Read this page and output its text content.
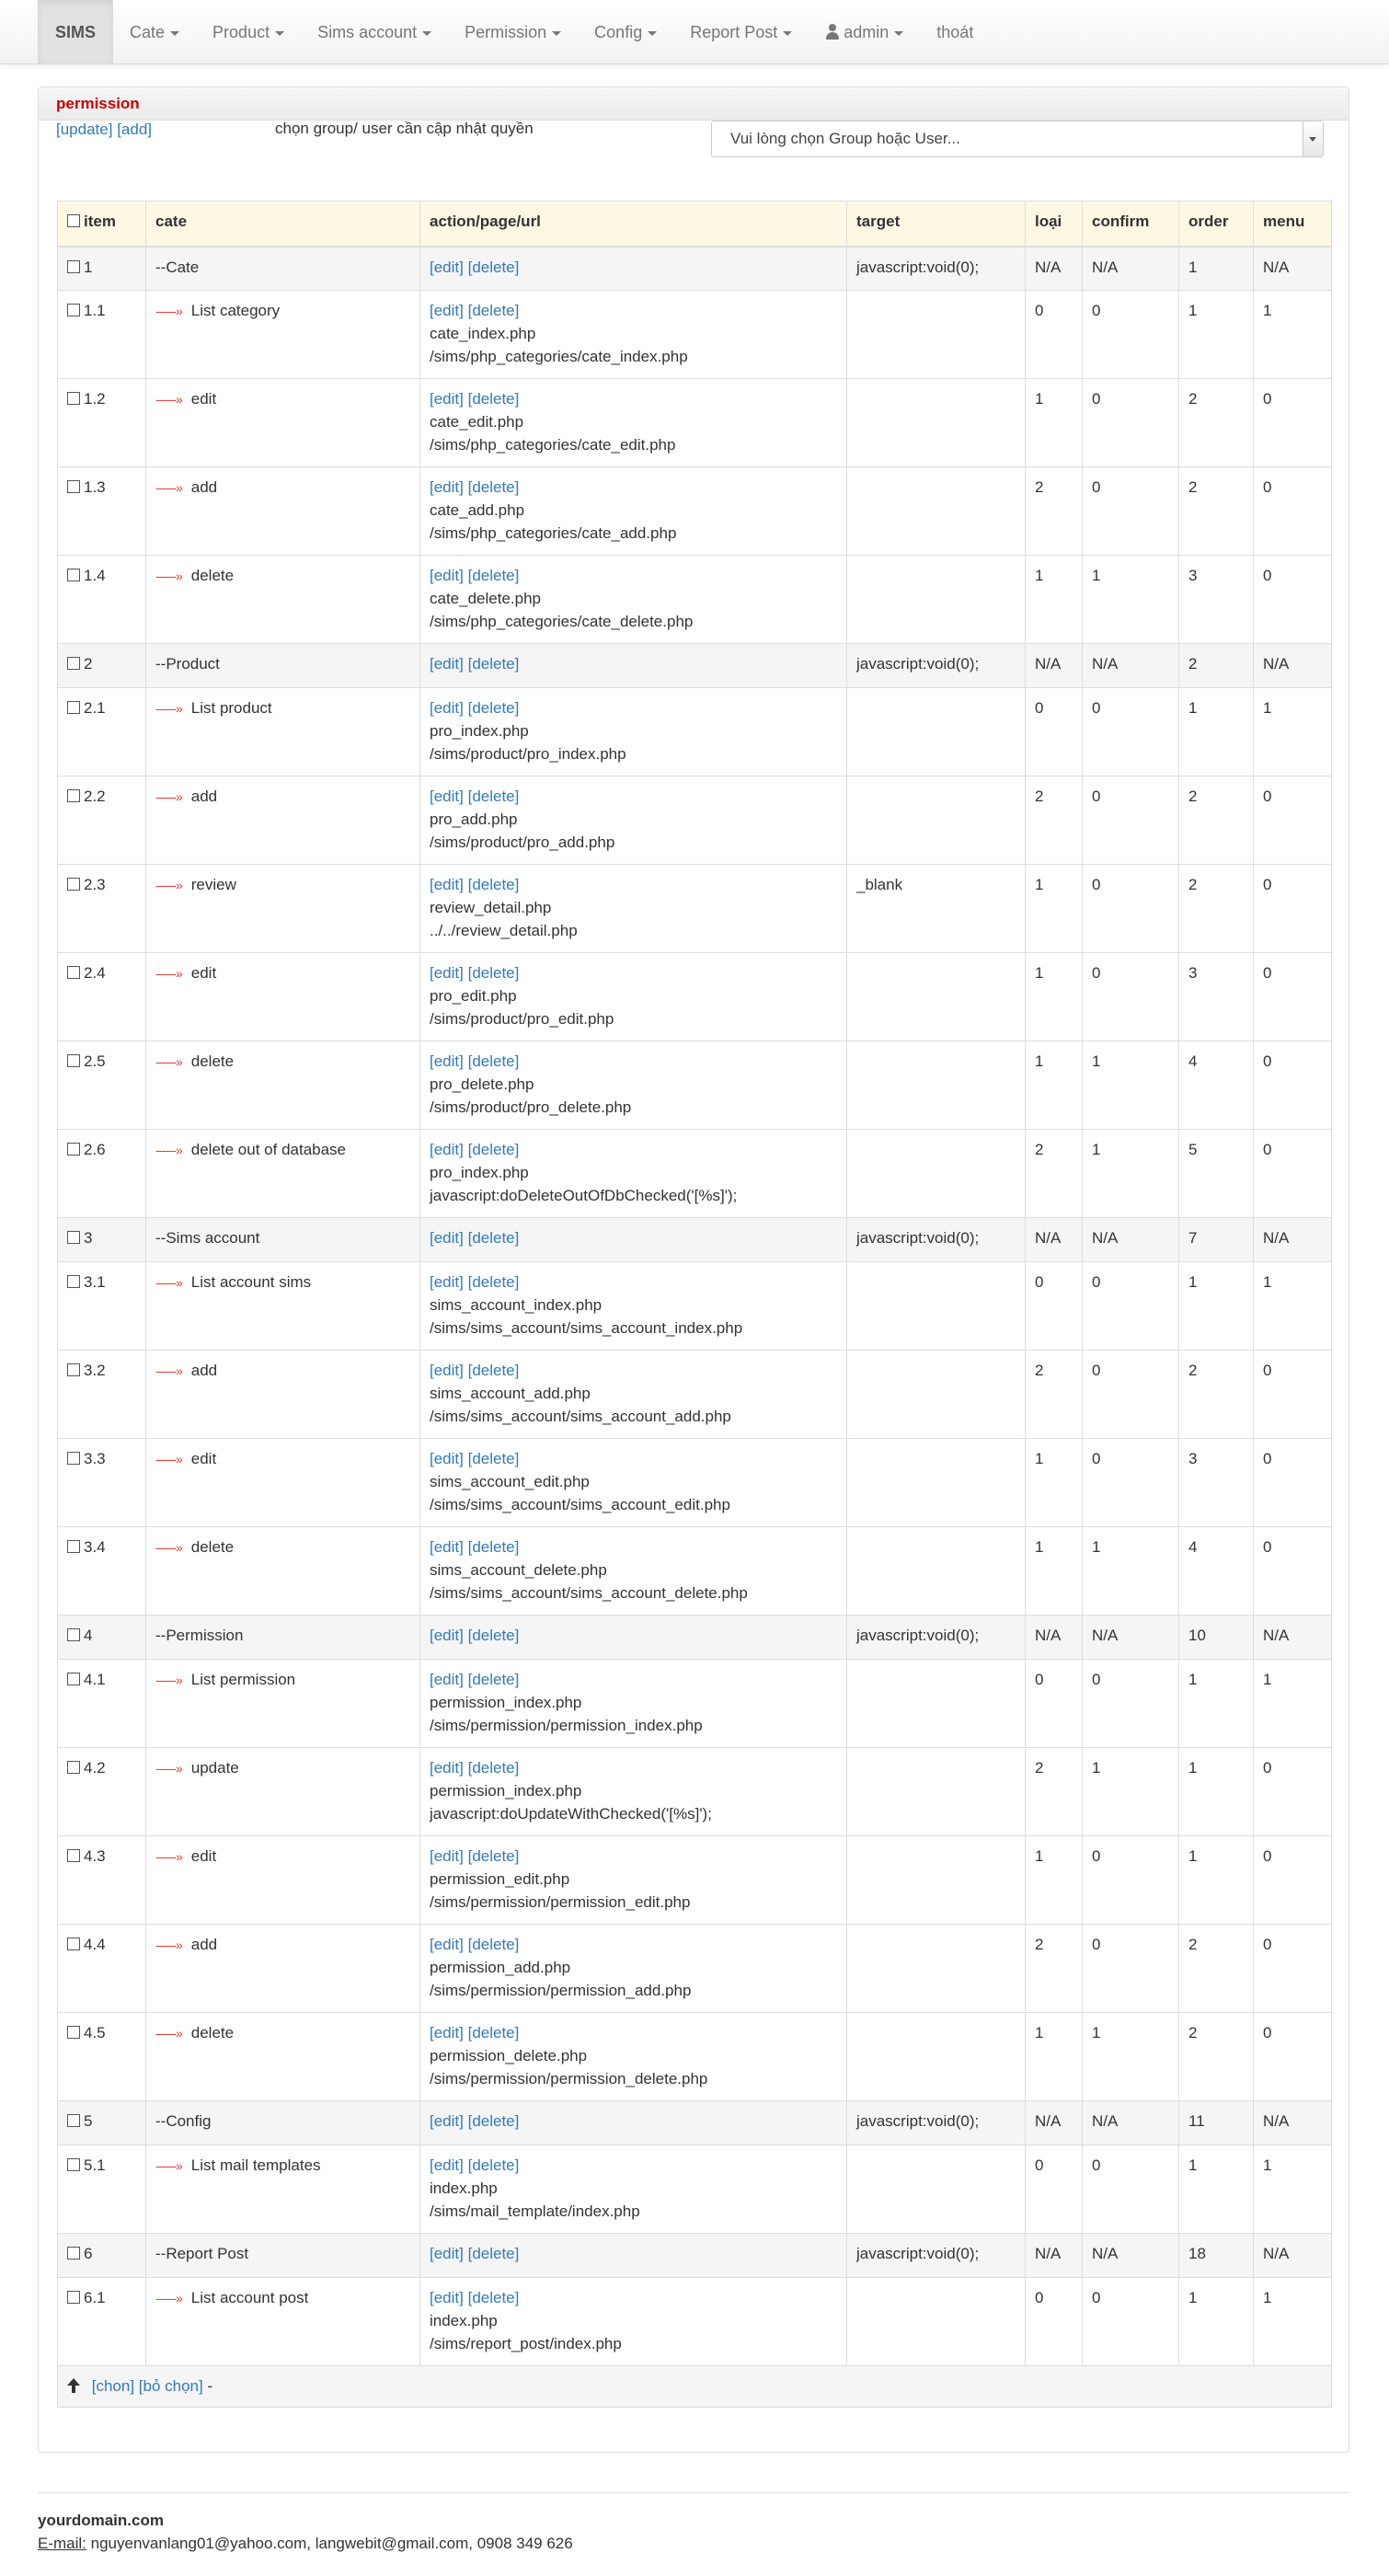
SIMS	Cate	Product	Sims account	Permission	Config	Report Post	admin	thoát
permission
[update] [add]	chọn group/ user cần cập nhật quyền
Vui lòng chọn Group hoặc User...
item	cate	action/page/url	target	loại	confirm	order	menu
1	--Cate	[edit] [delete]	javascript:void(0);	N/A	N/A	1	N/A
1.1	------» List category	[edit] [delete]
cate_index.php
/sims/php_categories/cate_index.php		0	0	1	1
1.2	------» edit	[edit] [delete]
cate_edit.php
/sims/php_categories/cate_edit.php		1	0	2	0
1.3	------» add	[edit] [delete]
cate_add.php
/sims/php_categories/cate_add.php		2	0	2	0
1.4	------» delete	[edit] [delete]
cate_delete.php
/sims/php_categories/cate_delete.php		1	1	3	0
2	--Product	[edit] [delete]	javascript:void(0);	N/A	N/A	2	N/A
2.1	------» List product	[edit] [delete]
pro_index.php
/sims/product/pro_index.php		0	0	1	1
2.2	------» add	[edit] [delete]
pro_add.php
/sims/product/pro_add.php		2	0	2	0
2.3	------» review	[edit] [delete]
review_detail.php
../../review_detail.php	_blank	1	0	2	0
2.4	------» edit	[edit] [delete]
pro_edit.php
/sims/product/pro_edit.php		1	0	3	0
2.5	------» delete	[edit] [delete]
pro_delete.php
/sims/product/pro_delete.php		1	1	4	0
2.6	------» delete out of database	[edit] [delete]
pro_index.php
javascript:doDeleteOutOfDbChecked('[%s]');		2	1	5	0
3	--Sims account	[edit] [delete]	javascript:void(0);	N/A	N/A	7	N/A
3.1	------» List account sims	[edit] [delete]
sims_account_index.php
/sims/sims_account/sims_account_index.php		0	0	1	1
3.2	------» add	[edit] [delete]
sims_account_add.php
/sims/sims_account/sims_account_add.php		2	0	2	0
3.3	------» edit	[edit] [delete]
sims_account_edit.php
/sims/sims_account/sims_account_edit.php		1	0	3	0
3.4	------» delete	[edit] [delete]
sims_account_delete.php
/sims/sims_account/sims_account_delete.php		1	1	4	0
4	--Permission	[edit] [delete]	javascript:void(0);	N/A	N/A	10	N/A
4.1	------» List permission	[edit] [delete]
permission_index.php
/sims/permission/permission_index.php		0	0	1	1
4.2	------» update	[edit] [delete]
permission_index.php
javascript:doUpdateWithChecked('[%s]');		2	1	1	0
4.3	------» edit	[edit] [delete]
permission_edit.php
/sims/permission/permission_edit.php		1	0	1	0
4.4	------» add	[edit] [delete]
permission_add.php
/sims/permission/permission_add.php		2	0	2	0
4.5	------» delete	[edit] [delete]
permission_delete.php
/sims/permission/permission_delete.php		1	1	2	0
5	--Config	[edit] [delete]	javascript:void(0);	N/A	N/A	11	N/A
5.1	------» List mail templates	[edit] [delete]
index.php
/sims/mail_template/index.php		0	0	1	1
6	--Report Post	[edit] [delete]	javascript:void(0);	N/A	N/A	18	N/A
6.1	------» List account post	[edit] [delete]
index.php
/sims/report_post/index.php		0	0	1	1

[chon] [bỏ chọn] -							
yourdomain.com
E-mail: nguyenvanlang01@yahoo.com, langwebit@gmail.com, 0908 349 626
